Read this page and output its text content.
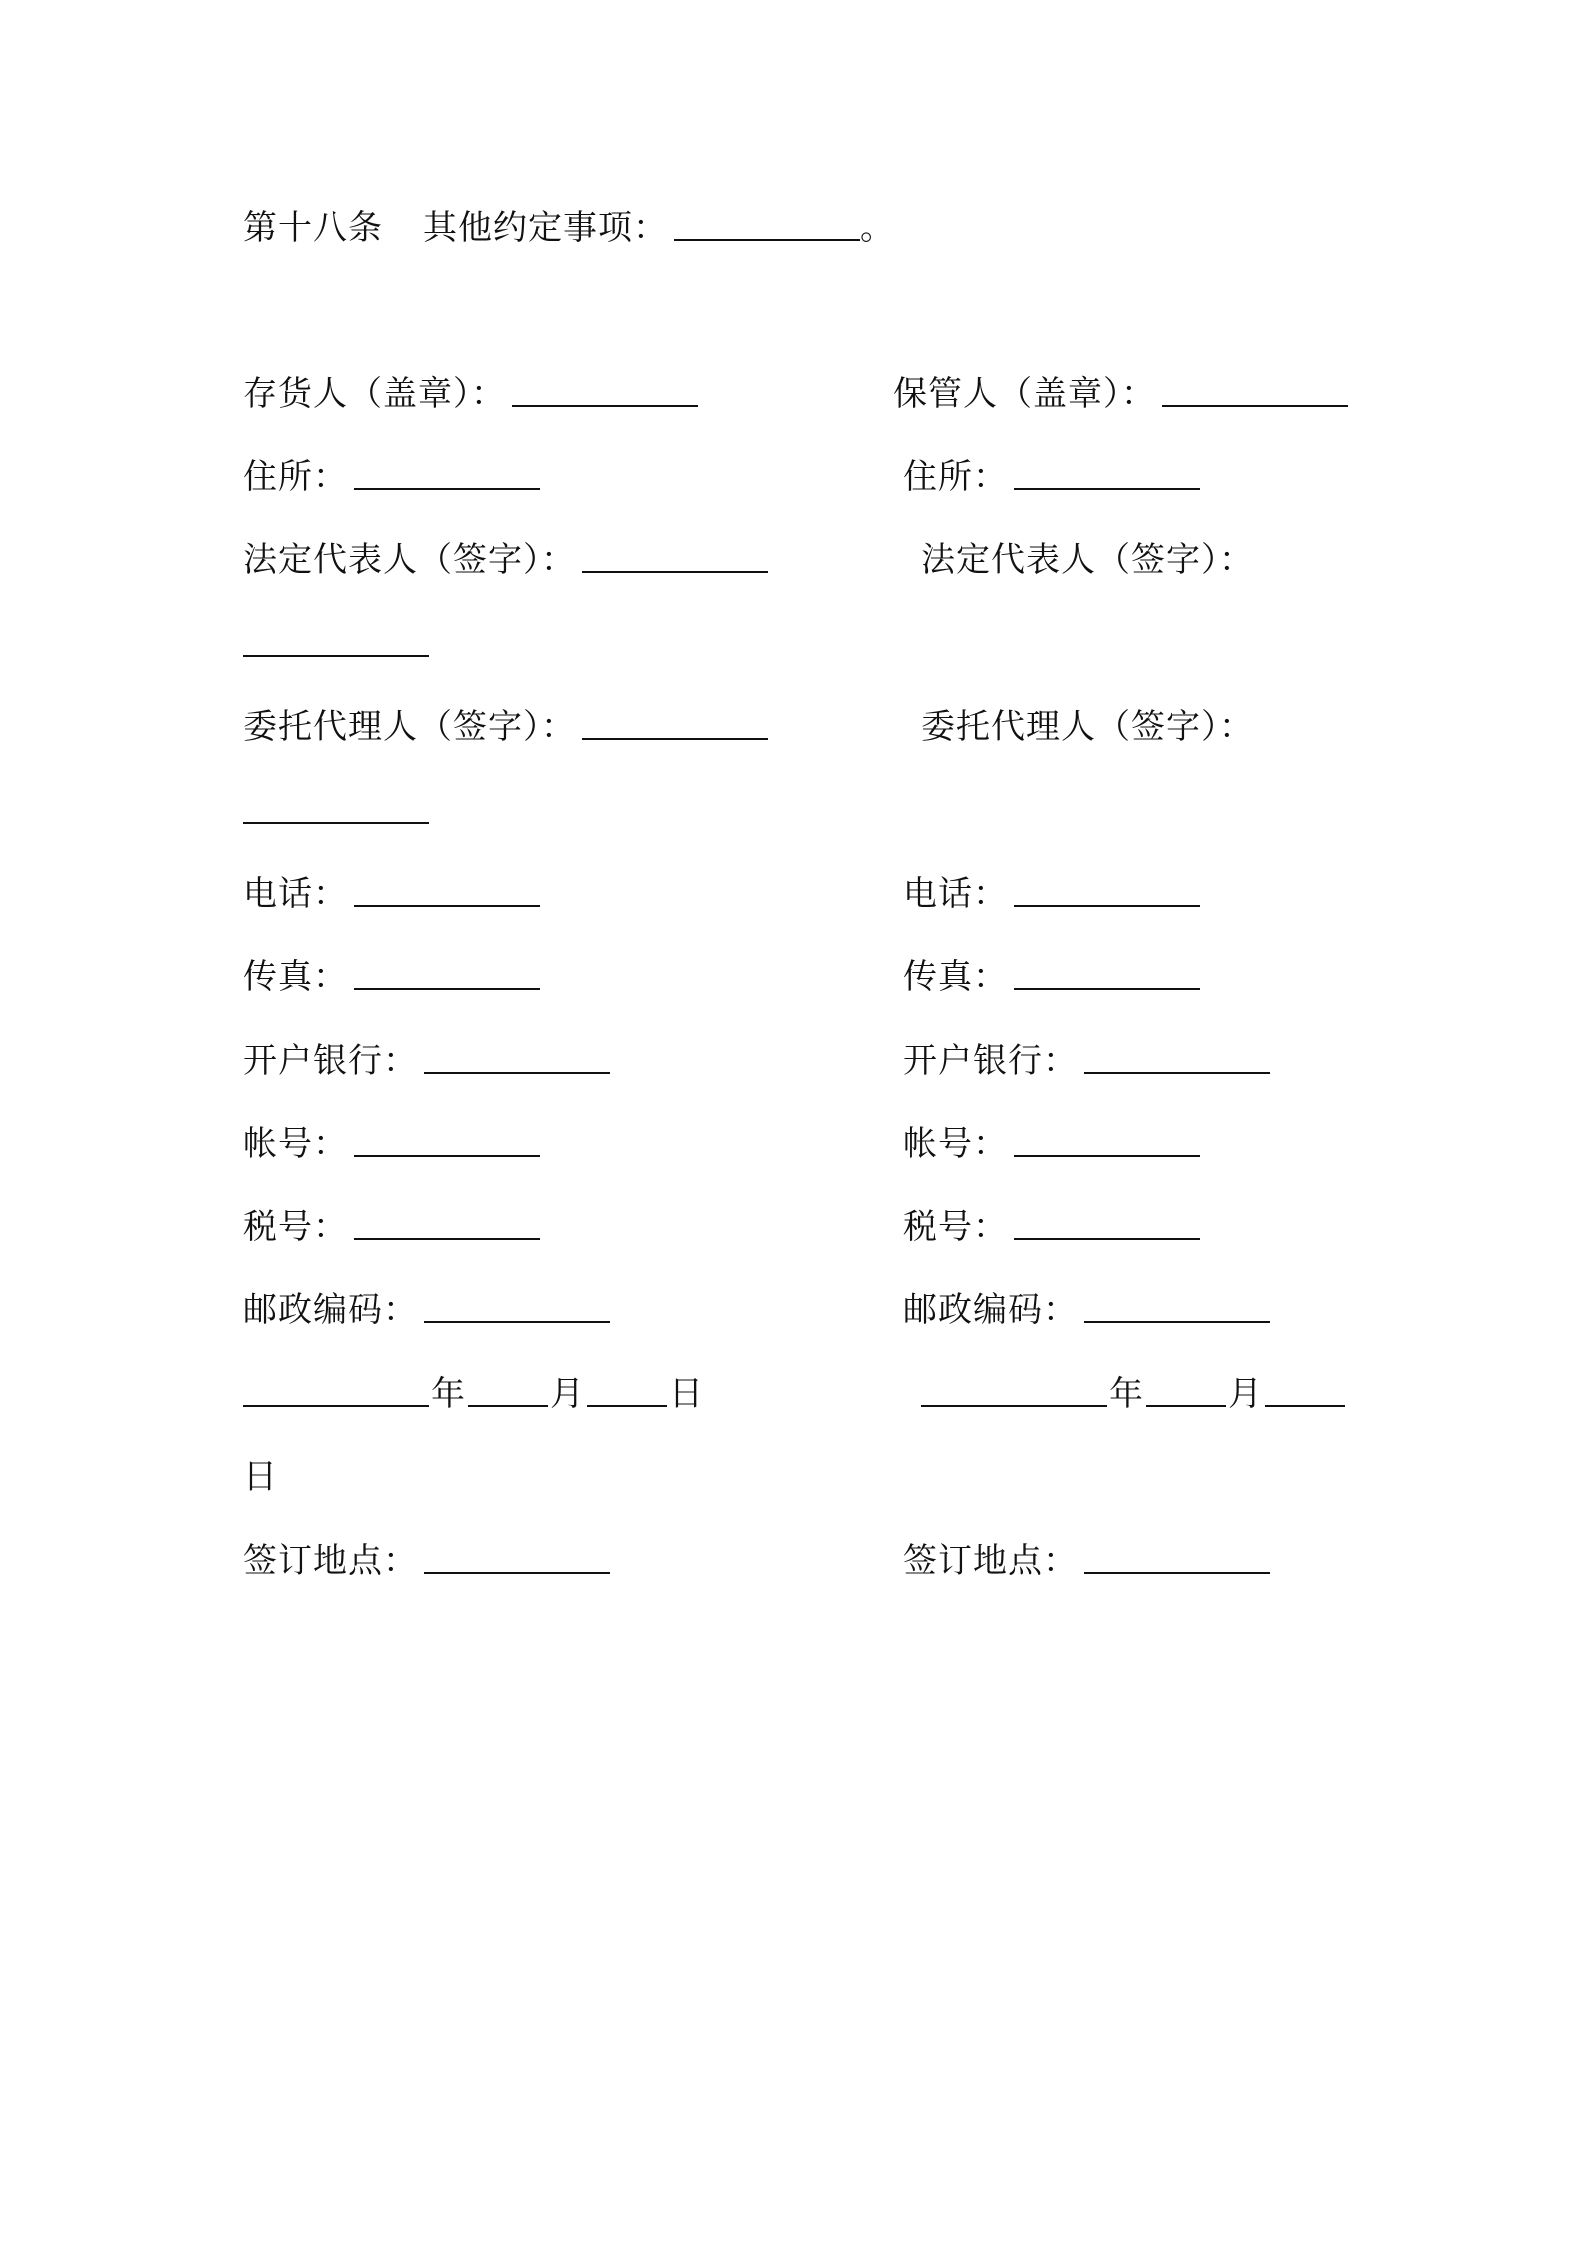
第十八条 其他约定事项：	。
存货人（盖章）：
住所：
法定代表人（签字）：
委托代理人（签字）：
电话：
传真：
开户银行：
帐号：
税号：
邮政编码：
年 月 日
日
签订地点：
保管人（盖章）：
住所：
法定代表人（签字）：
委托代理人（签字）：
电话：
传真：
开户银行：
帐号：
税号：
邮政编码：
年 月
签订地点：
